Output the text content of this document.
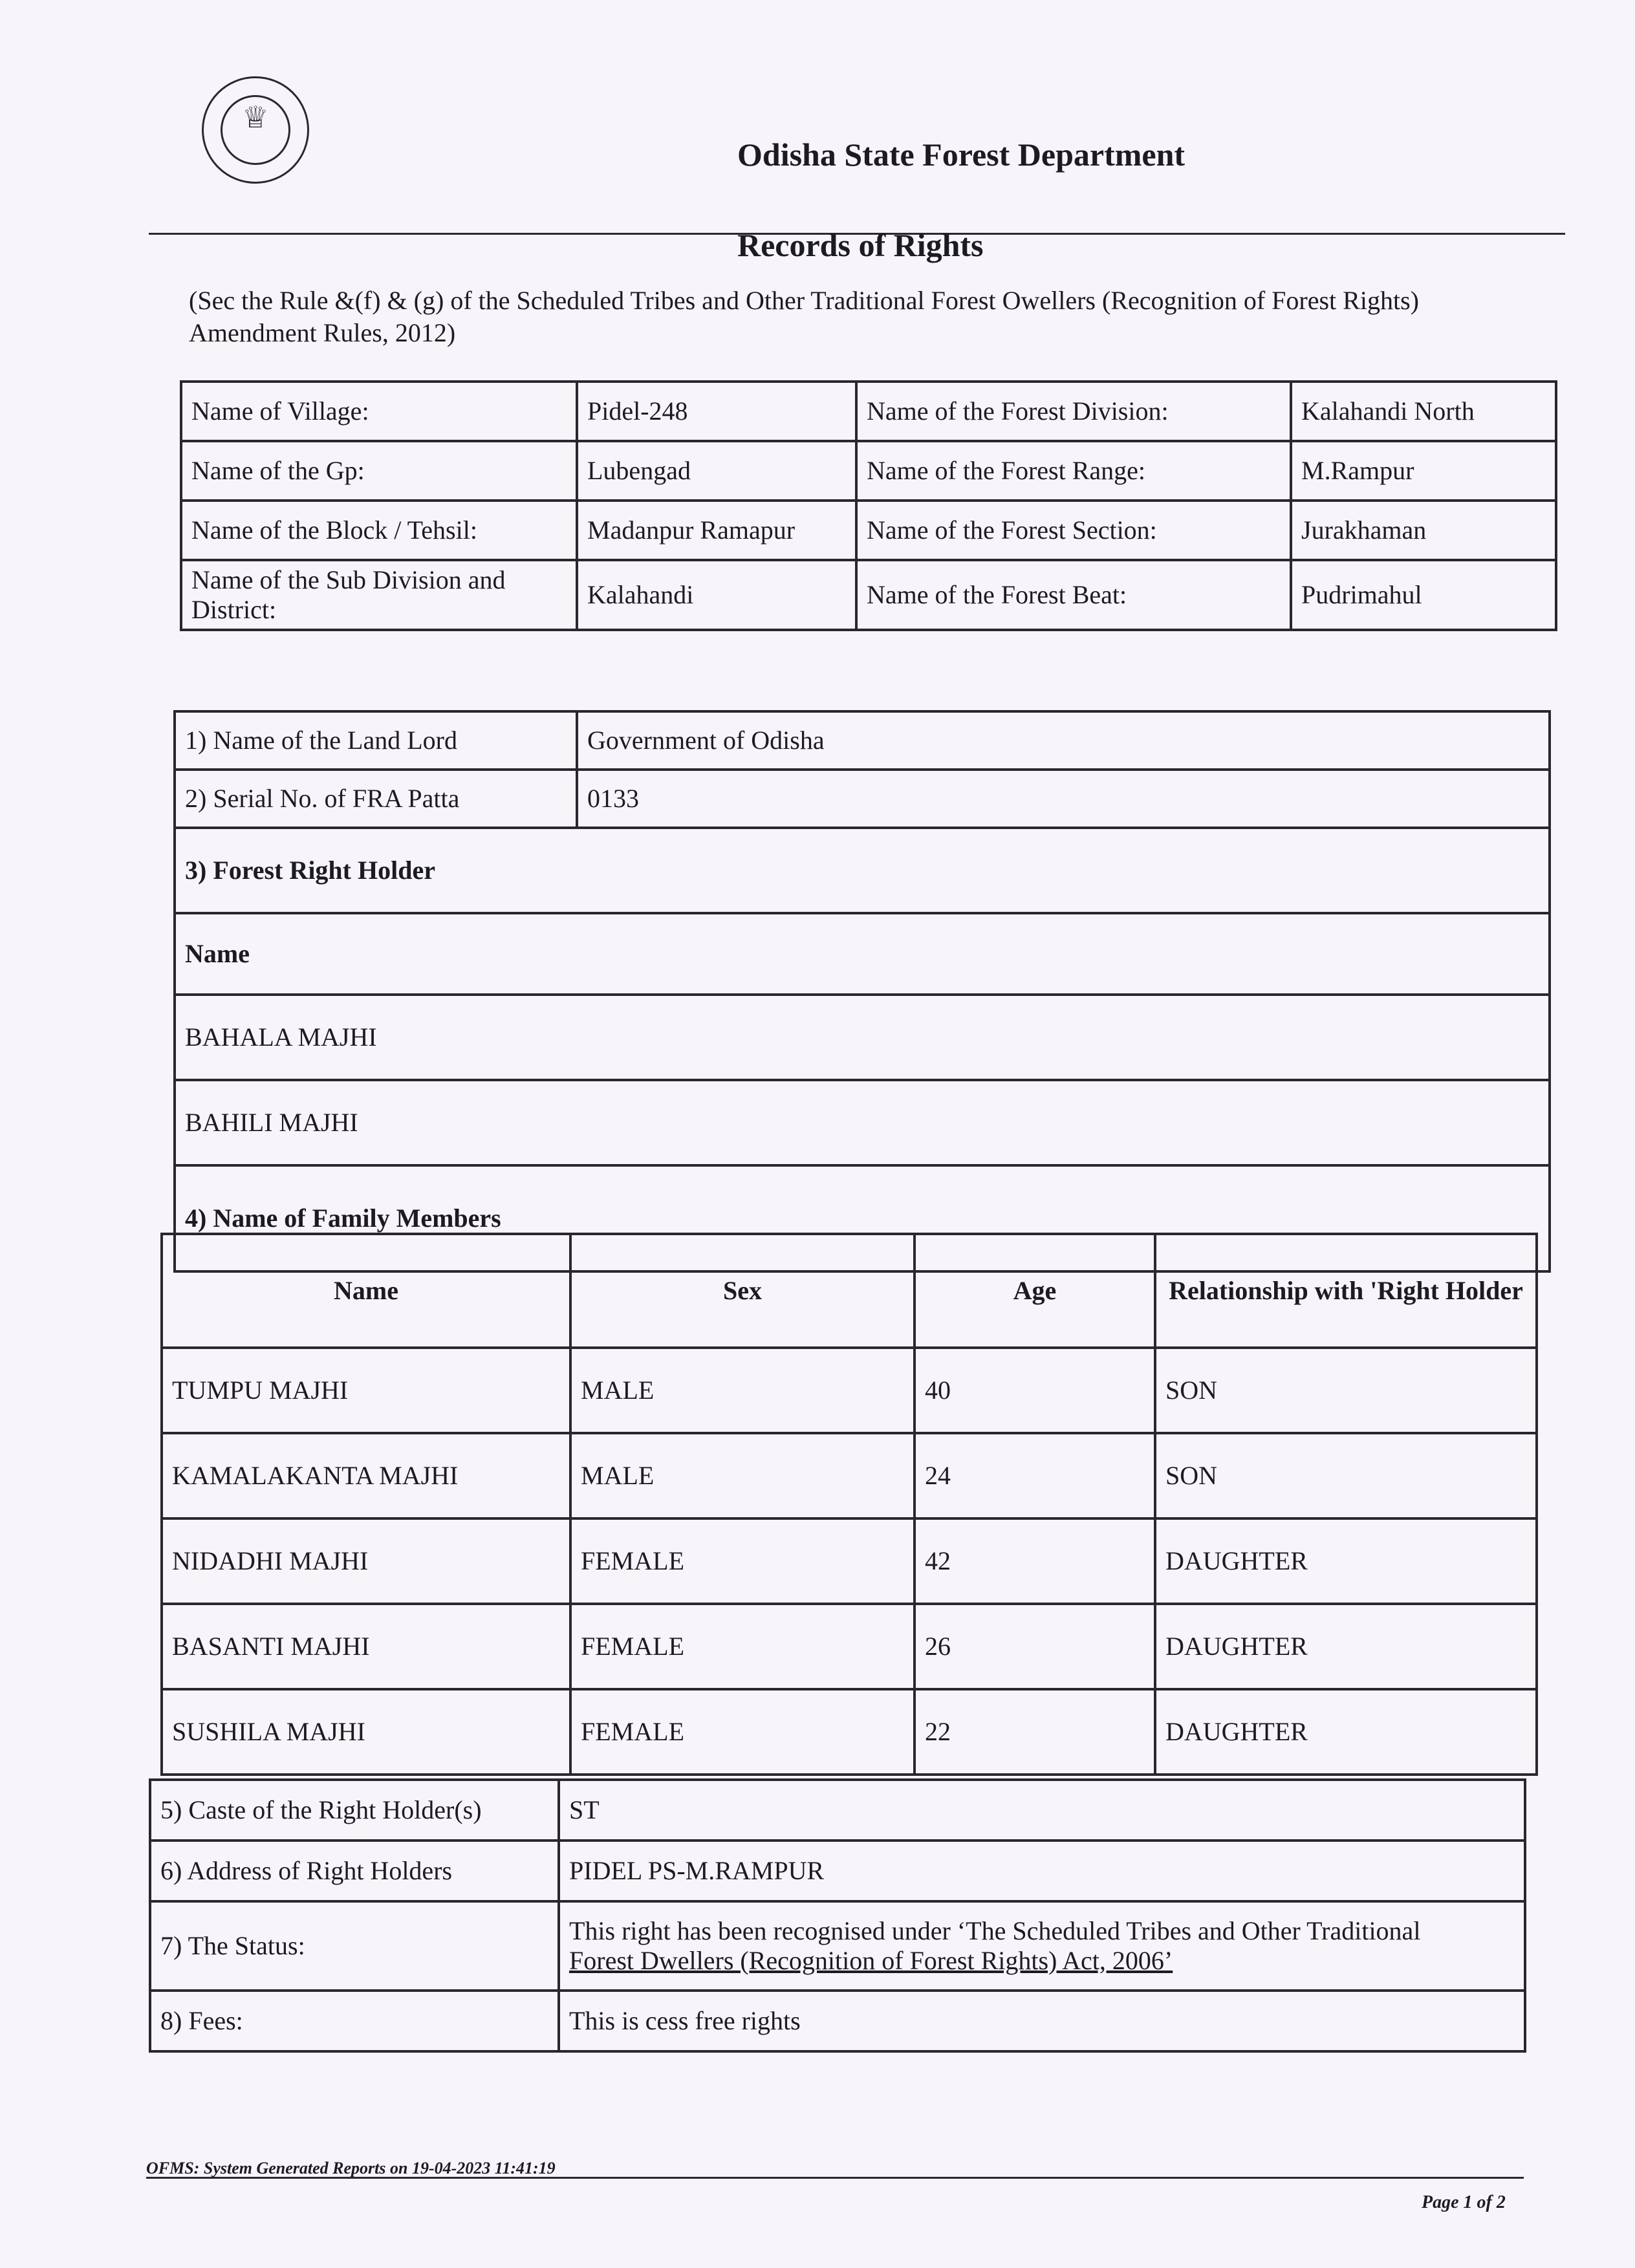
♕
Odisha State Forest Department
Records of Rights
(Sec the Rule &(f) & (g) of the Scheduled Tribes and Other Traditional Forest Owellers (Recognition of Forest Rights) Amendment Rules, 2012)
Name of Village:	Pidel-248	Name of the Forest Division:	Kalahandi North
Name of the Gp:	Lubengad	Name of the Forest Range:	M.Rampur
Name of the Block / Tehsil:	Madanpur Ramapur	Name of the Forest Section:	Jurakhaman
Name of the Sub Division and District:	Kalahandi	Name of the Forest Beat:	Pudrimahul
1) Name of the Land Lord	Government of Odisha
2) Serial No. of FRA Patta	0133
3) Forest Right Holder	
Name	
BAHALA MAJHI	
BAHILI MAJHI	
4) Name of Family Members	
Name	Sex	Age	Relationship with 'Right Holder
TUMPU MAJHI	MALE	40	SON
KAMALAKANTA MAJHI	MALE	24	SON
NIDADHI MAJHI	FEMALE	42	DAUGHTER
BASANTI MAJHI	FEMALE	26	DAUGHTER
SUSHILA MAJHI	FEMALE	22	DAUGHTER
5) Caste of the Right Holder(s)	ST
6) Address of Right Holders	PIDEL PS-M.RAMPUR
7) The Status:	This right has been recognised under ‘The Scheduled Tribes and Other Traditional
Forest Dwellers (Recognition of Forest Rights) Act, 2006’

8) Fees:	This is cess free rights
OFMS: System Generated Reports on 19-04-2023 11:41:19
Page 1 of 2
